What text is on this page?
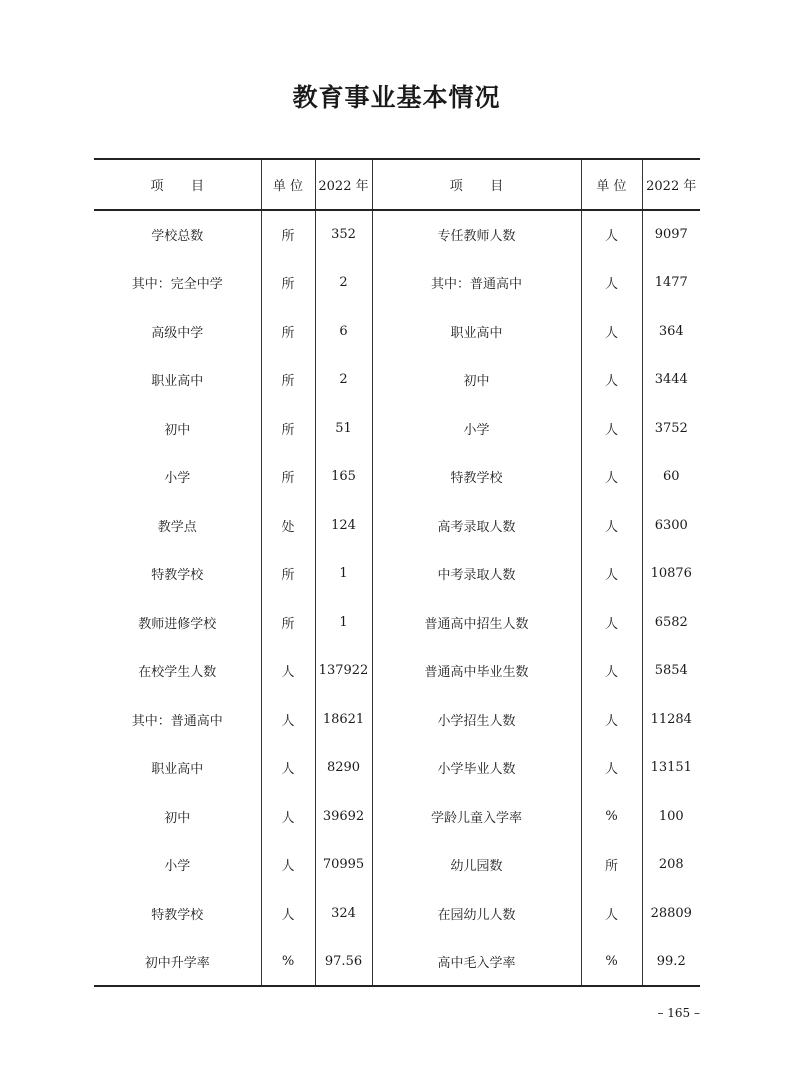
教育事业基本情况
项 目	单 位	2022 年	项 目	单 位	2022 年
学校总数	所	352	专任教师人数	人	9097
其中：完全中学	所	2	其中：普通高中	人	1477
高级中学	所	6	职业高中	人	364
职业高中	所	2	初中	人	3444
初中	所	51	小学	人	3752
小学	所	165	特教学校	人	60
教学点	处	124	高考录取人数	人	6300
特教学校	所	1	中考录取人数	人	10876
教师进修学校	所	1	普通高中招生人数	人	6582
在校学生人数	人	137922	普通高中毕业生数	人	5854
其中：普通高中	人	18621	小学招生人数	人	11284
职业高中	人	8290	小学毕业人数	人	13151
初中	人	39692	学龄儿童入学率	%	100
小学	人	70995	幼儿园数	所	208
特教学校	人	324	在园幼儿人数	人	28809
初中升学率	%	97.56	高中毛入学率	%	99.2
– 165 –
